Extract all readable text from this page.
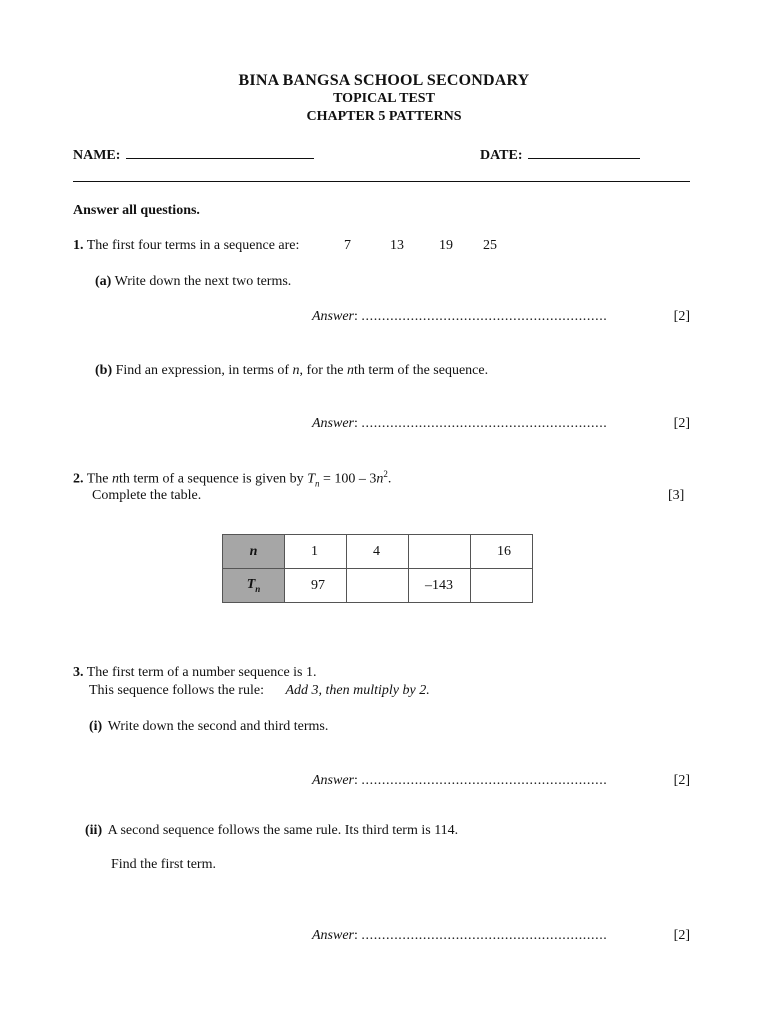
BINA BANGSA SCHOOL SECONDARY
TOPICAL TEST
CHAPTER 5 PATTERNS
NAME:	DATE:
Answer all questions.
1. The first four terms in a sequence are:	7	13	19 25
(a) Write down the next two terms.
Answer: ............................................................	[2]
(b) Find an expression, in terms of n, for the nth term of the sequence.
Answer: ............................................................	[2]
2. The nth term of a sequence is given by $T_n = 100 - 3n^2$.
Complete the table.	[3]
n	1	4		16
$T_n$	97		–143	
3. The first term of a number sequence is 1.
This sequence follows the rule: Add 3, then multiply by 2.
(i) Write down the second and third terms.
Answer: ............................................................	[2]
(ii) A second sequence follows the same rule. Its third term is 114.
Find the first term.
Answer: ............................................................	[2]
